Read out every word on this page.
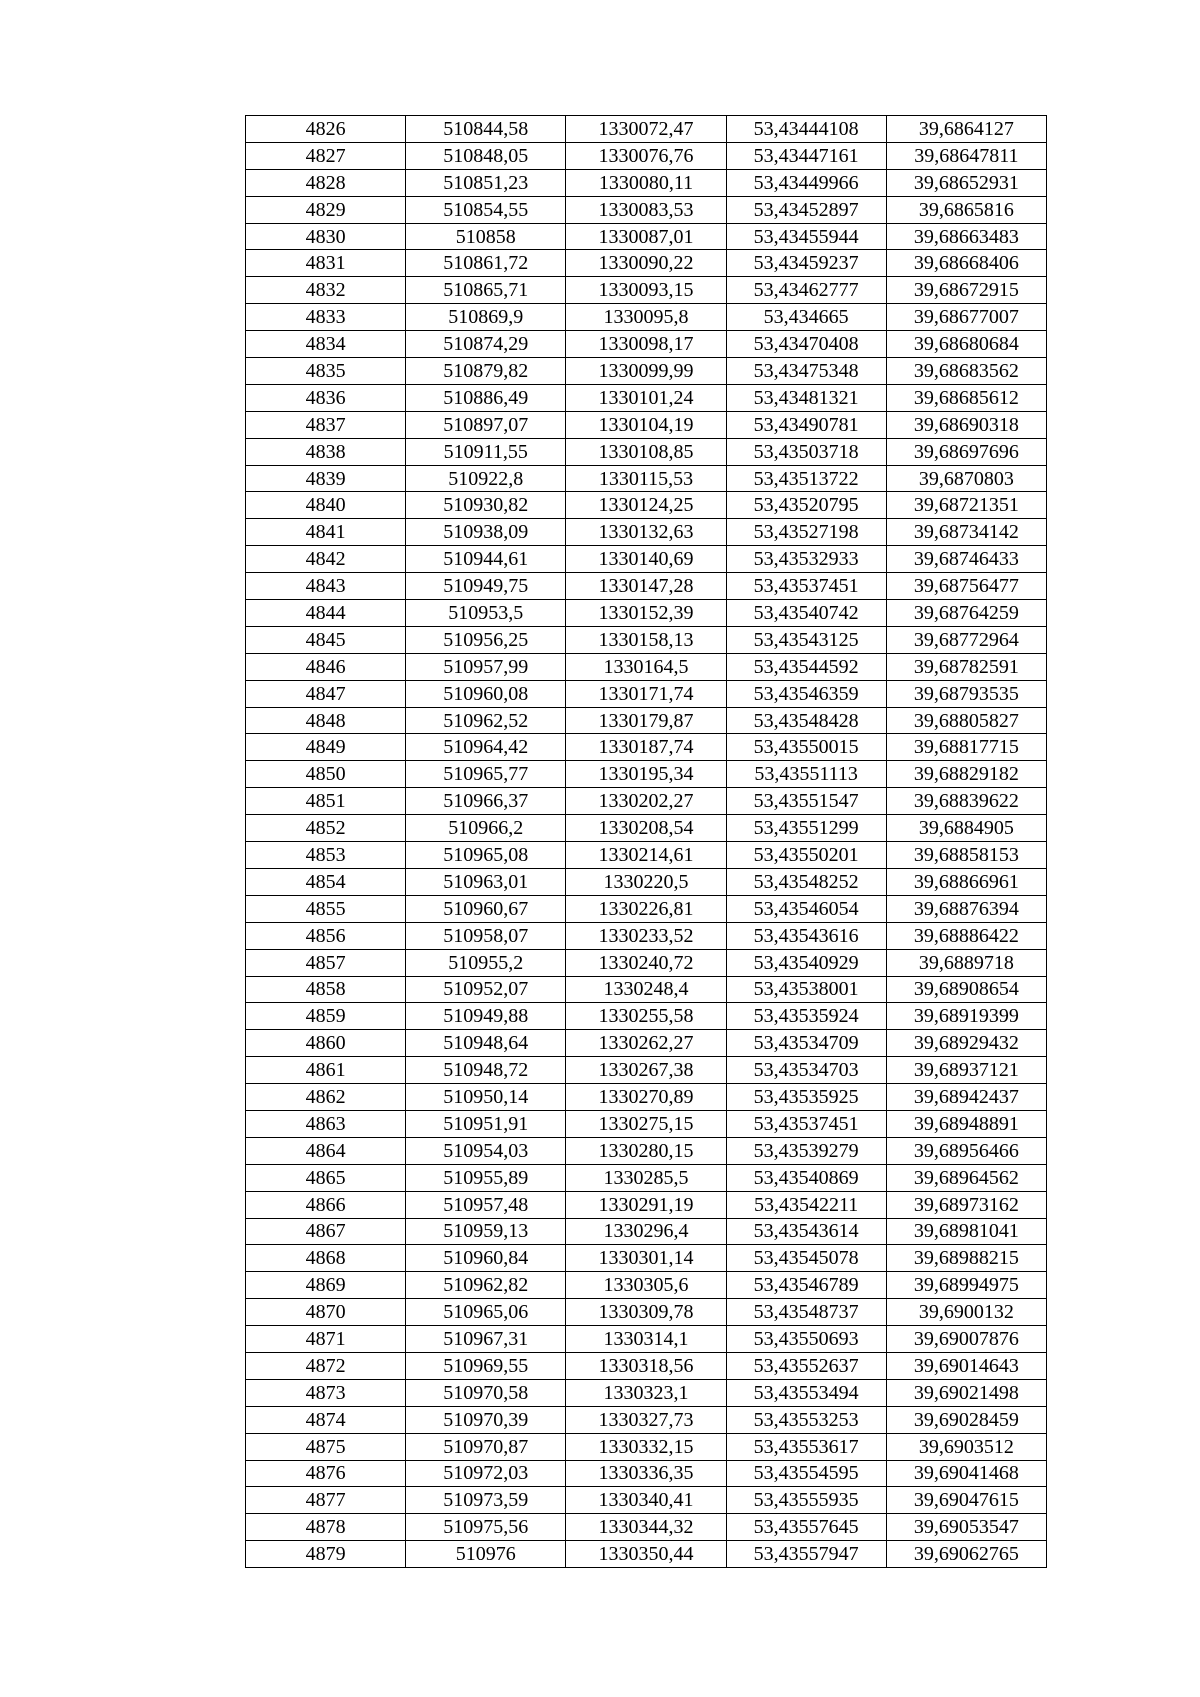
4826	510844,58	1330072,47	53,43444108	39,6864127
4827	510848,05	1330076,76	53,43447161	39,68647811
4828	510851,23	1330080,11	53,43449966	39,68652931
4829	510854,55	1330083,53	53,43452897	39,6865816
4830	510858	1330087,01	53,43455944	39,68663483
4831	510861,72	1330090,22	53,43459237	39,68668406
4832	510865,71	1330093,15	53,43462777	39,68672915
4833	510869,9	1330095,8	53,434665	39,68677007
4834	510874,29	1330098,17	53,43470408	39,68680684
4835	510879,82	1330099,99	53,43475348	39,68683562
4836	510886,49	1330101,24	53,43481321	39,68685612
4837	510897,07	1330104,19	53,43490781	39,68690318
4838	510911,55	1330108,85	53,43503718	39,68697696
4839	510922,8	1330115,53	53,43513722	39,6870803
4840	510930,82	1330124,25	53,43520795	39,68721351
4841	510938,09	1330132,63	53,43527198	39,68734142
4842	510944,61	1330140,69	53,43532933	39,68746433
4843	510949,75	1330147,28	53,43537451	39,68756477
4844	510953,5	1330152,39	53,43540742	39,68764259
4845	510956,25	1330158,13	53,43543125	39,68772964
4846	510957,99	1330164,5	53,43544592	39,68782591
4847	510960,08	1330171,74	53,43546359	39,68793535
4848	510962,52	1330179,87	53,43548428	39,68805827
4849	510964,42	1330187,74	53,43550015	39,68817715
4850	510965,77	1330195,34	53,43551113	39,68829182
4851	510966,37	1330202,27	53,43551547	39,68839622
4852	510966,2	1330208,54	53,43551299	39,6884905
4853	510965,08	1330214,61	53,43550201	39,68858153
4854	510963,01	1330220,5	53,43548252	39,68866961
4855	510960,67	1330226,81	53,43546054	39,68876394
4856	510958,07	1330233,52	53,43543616	39,68886422
4857	510955,2	1330240,72	53,43540929	39,6889718
4858	510952,07	1330248,4	53,43538001	39,68908654
4859	510949,88	1330255,58	53,43535924	39,68919399
4860	510948,64	1330262,27	53,43534709	39,68929432
4861	510948,72	1330267,38	53,43534703	39,68937121
4862	510950,14	1330270,89	53,43535925	39,68942437
4863	510951,91	1330275,15	53,43537451	39,68948891
4864	510954,03	1330280,15	53,43539279	39,68956466
4865	510955,89	1330285,5	53,43540869	39,68964562
4866	510957,48	1330291,19	53,43542211	39,68973162
4867	510959,13	1330296,4	53,43543614	39,68981041
4868	510960,84	1330301,14	53,43545078	39,68988215
4869	510962,82	1330305,6	53,43546789	39,68994975
4870	510965,06	1330309,78	53,43548737	39,6900132
4871	510967,31	1330314,1	53,43550693	39,69007876
4872	510969,55	1330318,56	53,43552637	39,69014643
4873	510970,58	1330323,1	53,43553494	39,69021498
4874	510970,39	1330327,73	53,43553253	39,69028459
4875	510970,87	1330332,15	53,43553617	39,6903512
4876	510972,03	1330336,35	53,43554595	39,69041468
4877	510973,59	1330340,41	53,43555935	39,69047615
4878	510975,56	1330344,32	53,43557645	39,69053547
4879	510976	1330350,44	53,43557947	39,69062765
